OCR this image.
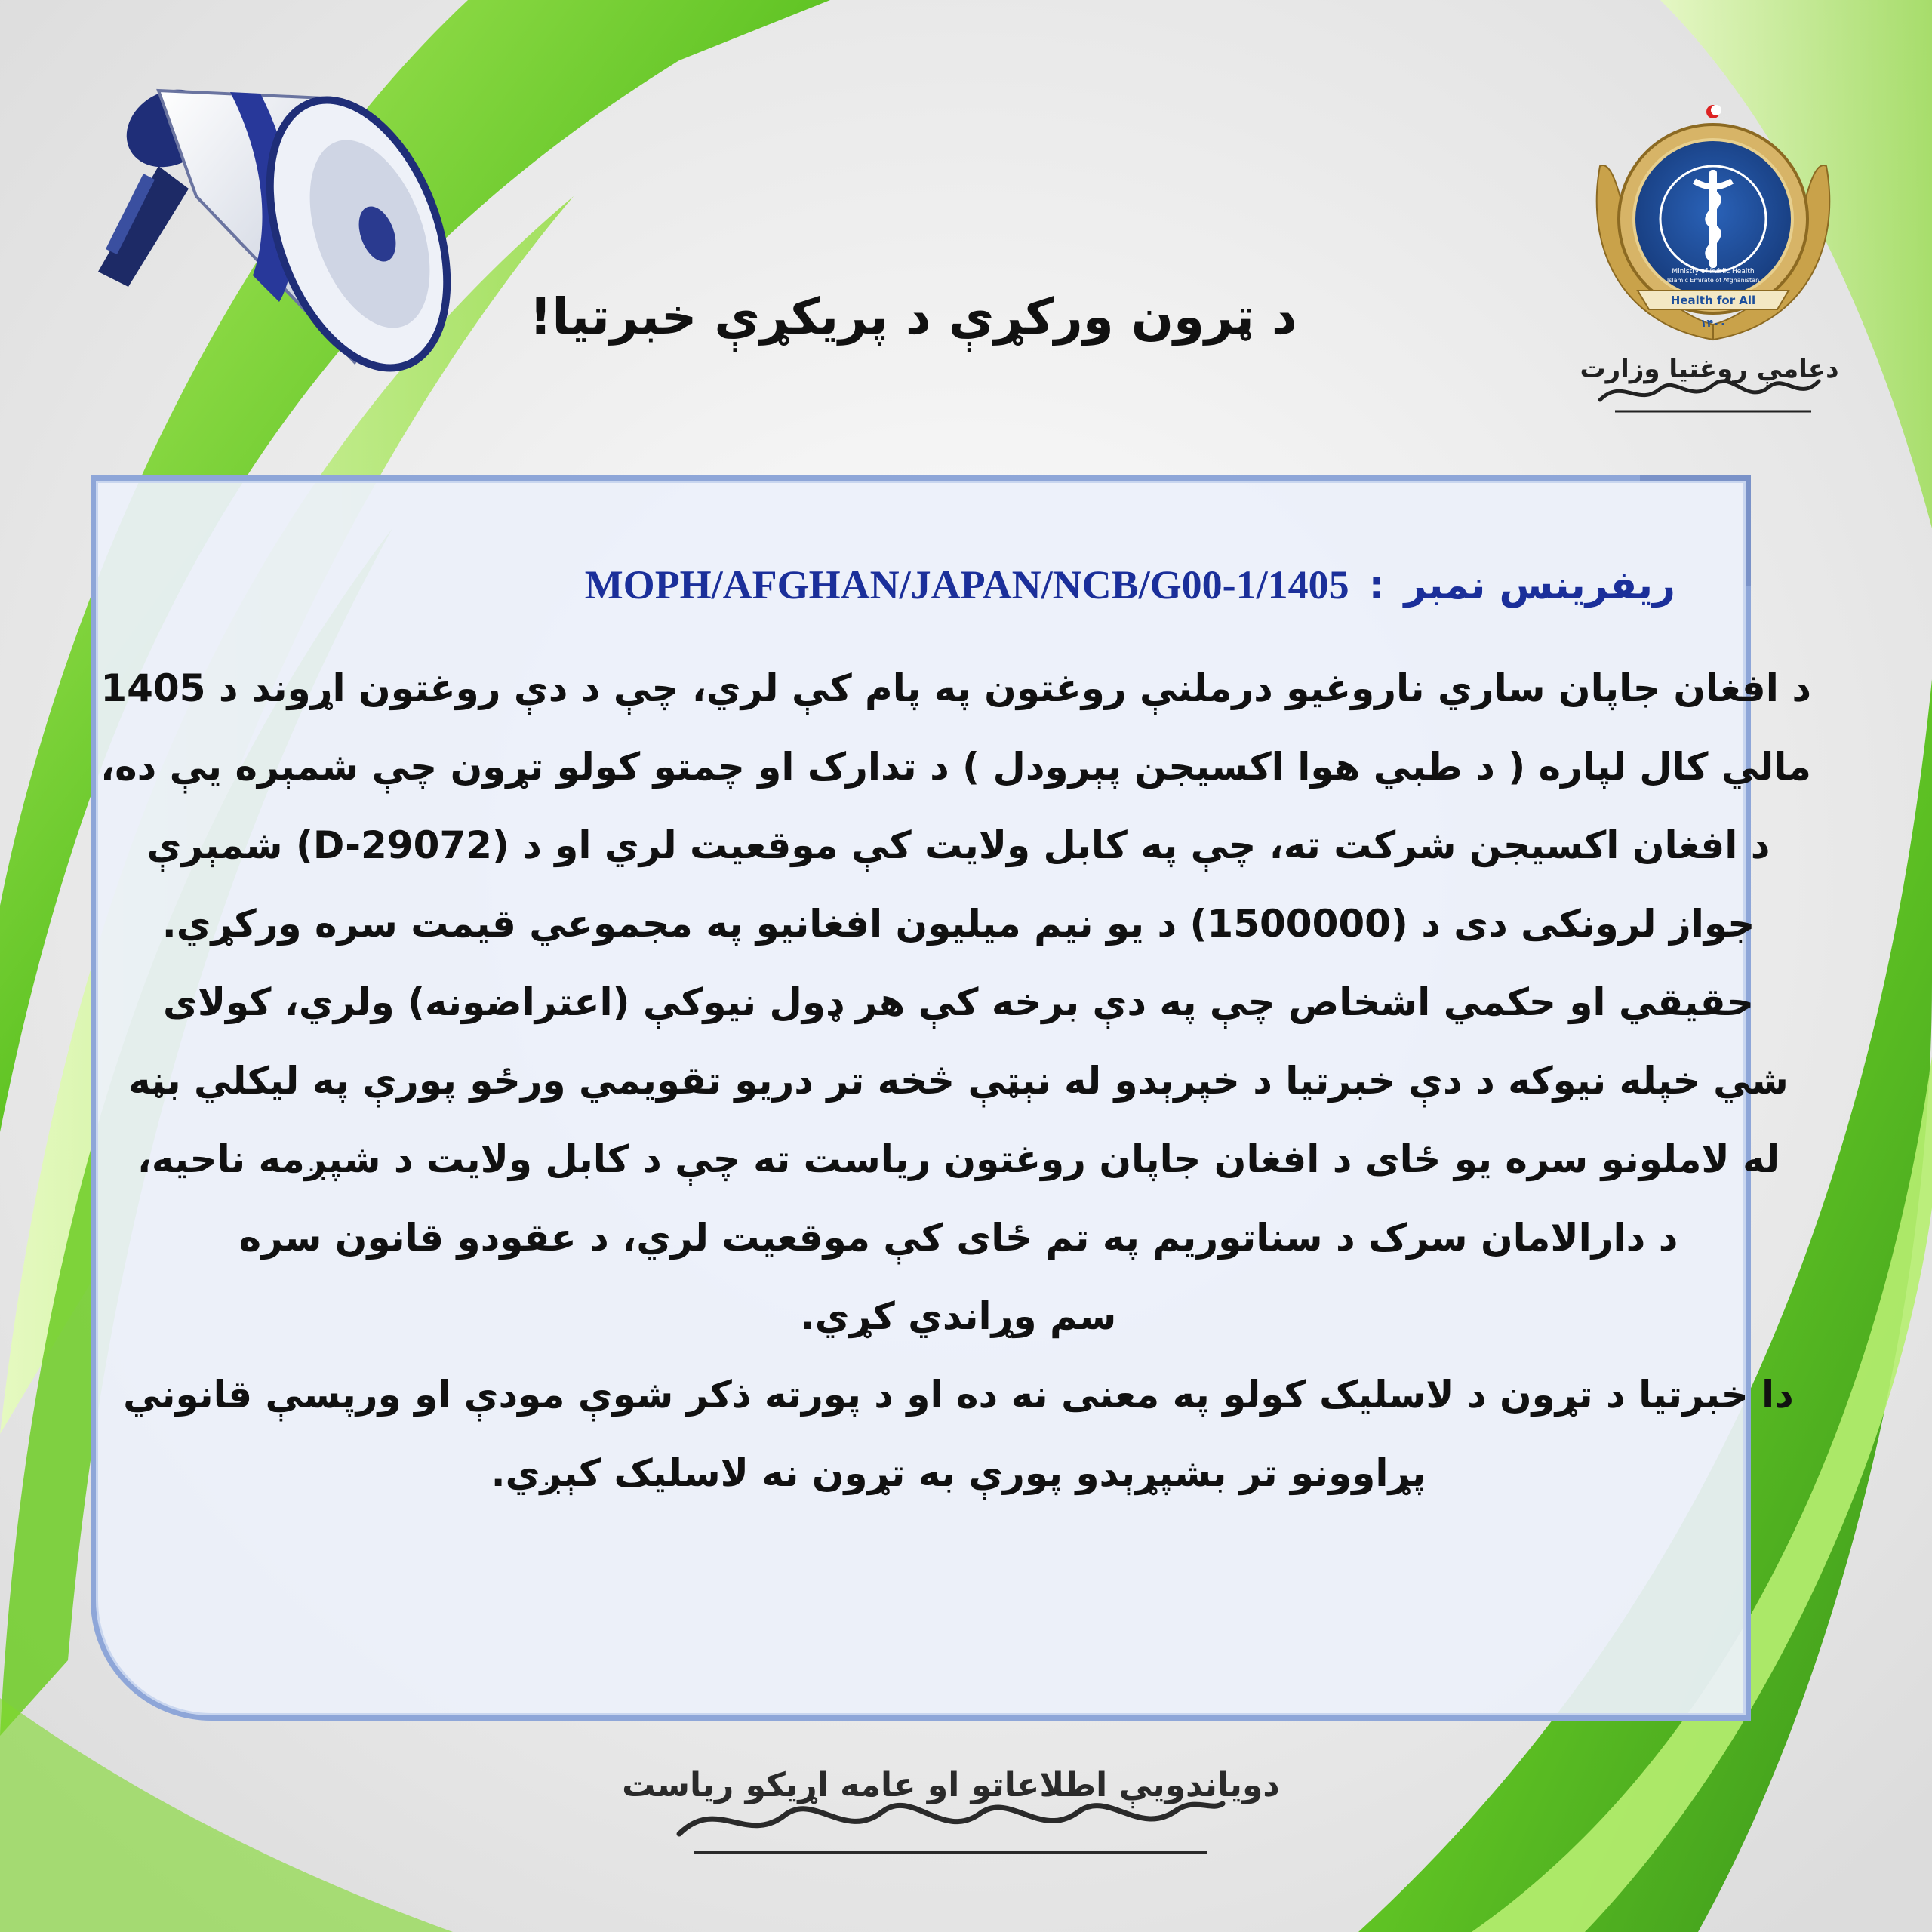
د ټرون ورکړې د پریکړې خبرتیا!	Health for All
۱۴۰۰
Ministry of Public Health
Islamic Emirate of Afghanistan
دعامې روغتیا وزارت
ریفرینس نمبر:MOPH/AFGHAN/JAPAN/NCB/G00-1/1405
د افغان جاپان ساري ناروغیو درملنې روغتون په پام کې لري، چې د دې روغتون اړوند د 1405
مالي کال لپاره ( د طبي هوا اکسیجن پېرودل ) د تدارک او چمتو کولو تړون چې شمېره یې ده،
د افغان اکسیجن شرکت ته، چې په کابل ولایت کې موقعیت لري او د (D-29072) شمېرې
جواز لرونکی دی د (1500000) د یو نیم میلیون افغانیو په مجموعي قیمت سره ورکړي.
حقیقي او حکمي اشخاص چې په دې برخه کې هر ډول نیوکې (اعتراضونه) ولري، کولای
شي خپله نیوکه د دې خبرتیا د خپرېدو له نېټې څخه تر دریو تقویمي ورځو پورې په لیکلي بڼه
له لاملونو سره یو ځای د افغان جاپان روغتون ریاست ته چې د کابل ولایت د شپږمه ناحیه،
د دارالامان سرک د سناتوریم په تم ځای کې موقعیت لري، د عقودو قانون سره
سم وړاندي کړي.
دا خبرتیا د تړون د لاسلیک کولو په معنی نه ده او د پورته ذکر شوې مودې او ورپسې قانوني
پړاوونو تر بشپړېدو پورې به تړون نه لاسلیک کېږي.
دویاندویې اطلاعاتو او عامه اړیکو ریاست
